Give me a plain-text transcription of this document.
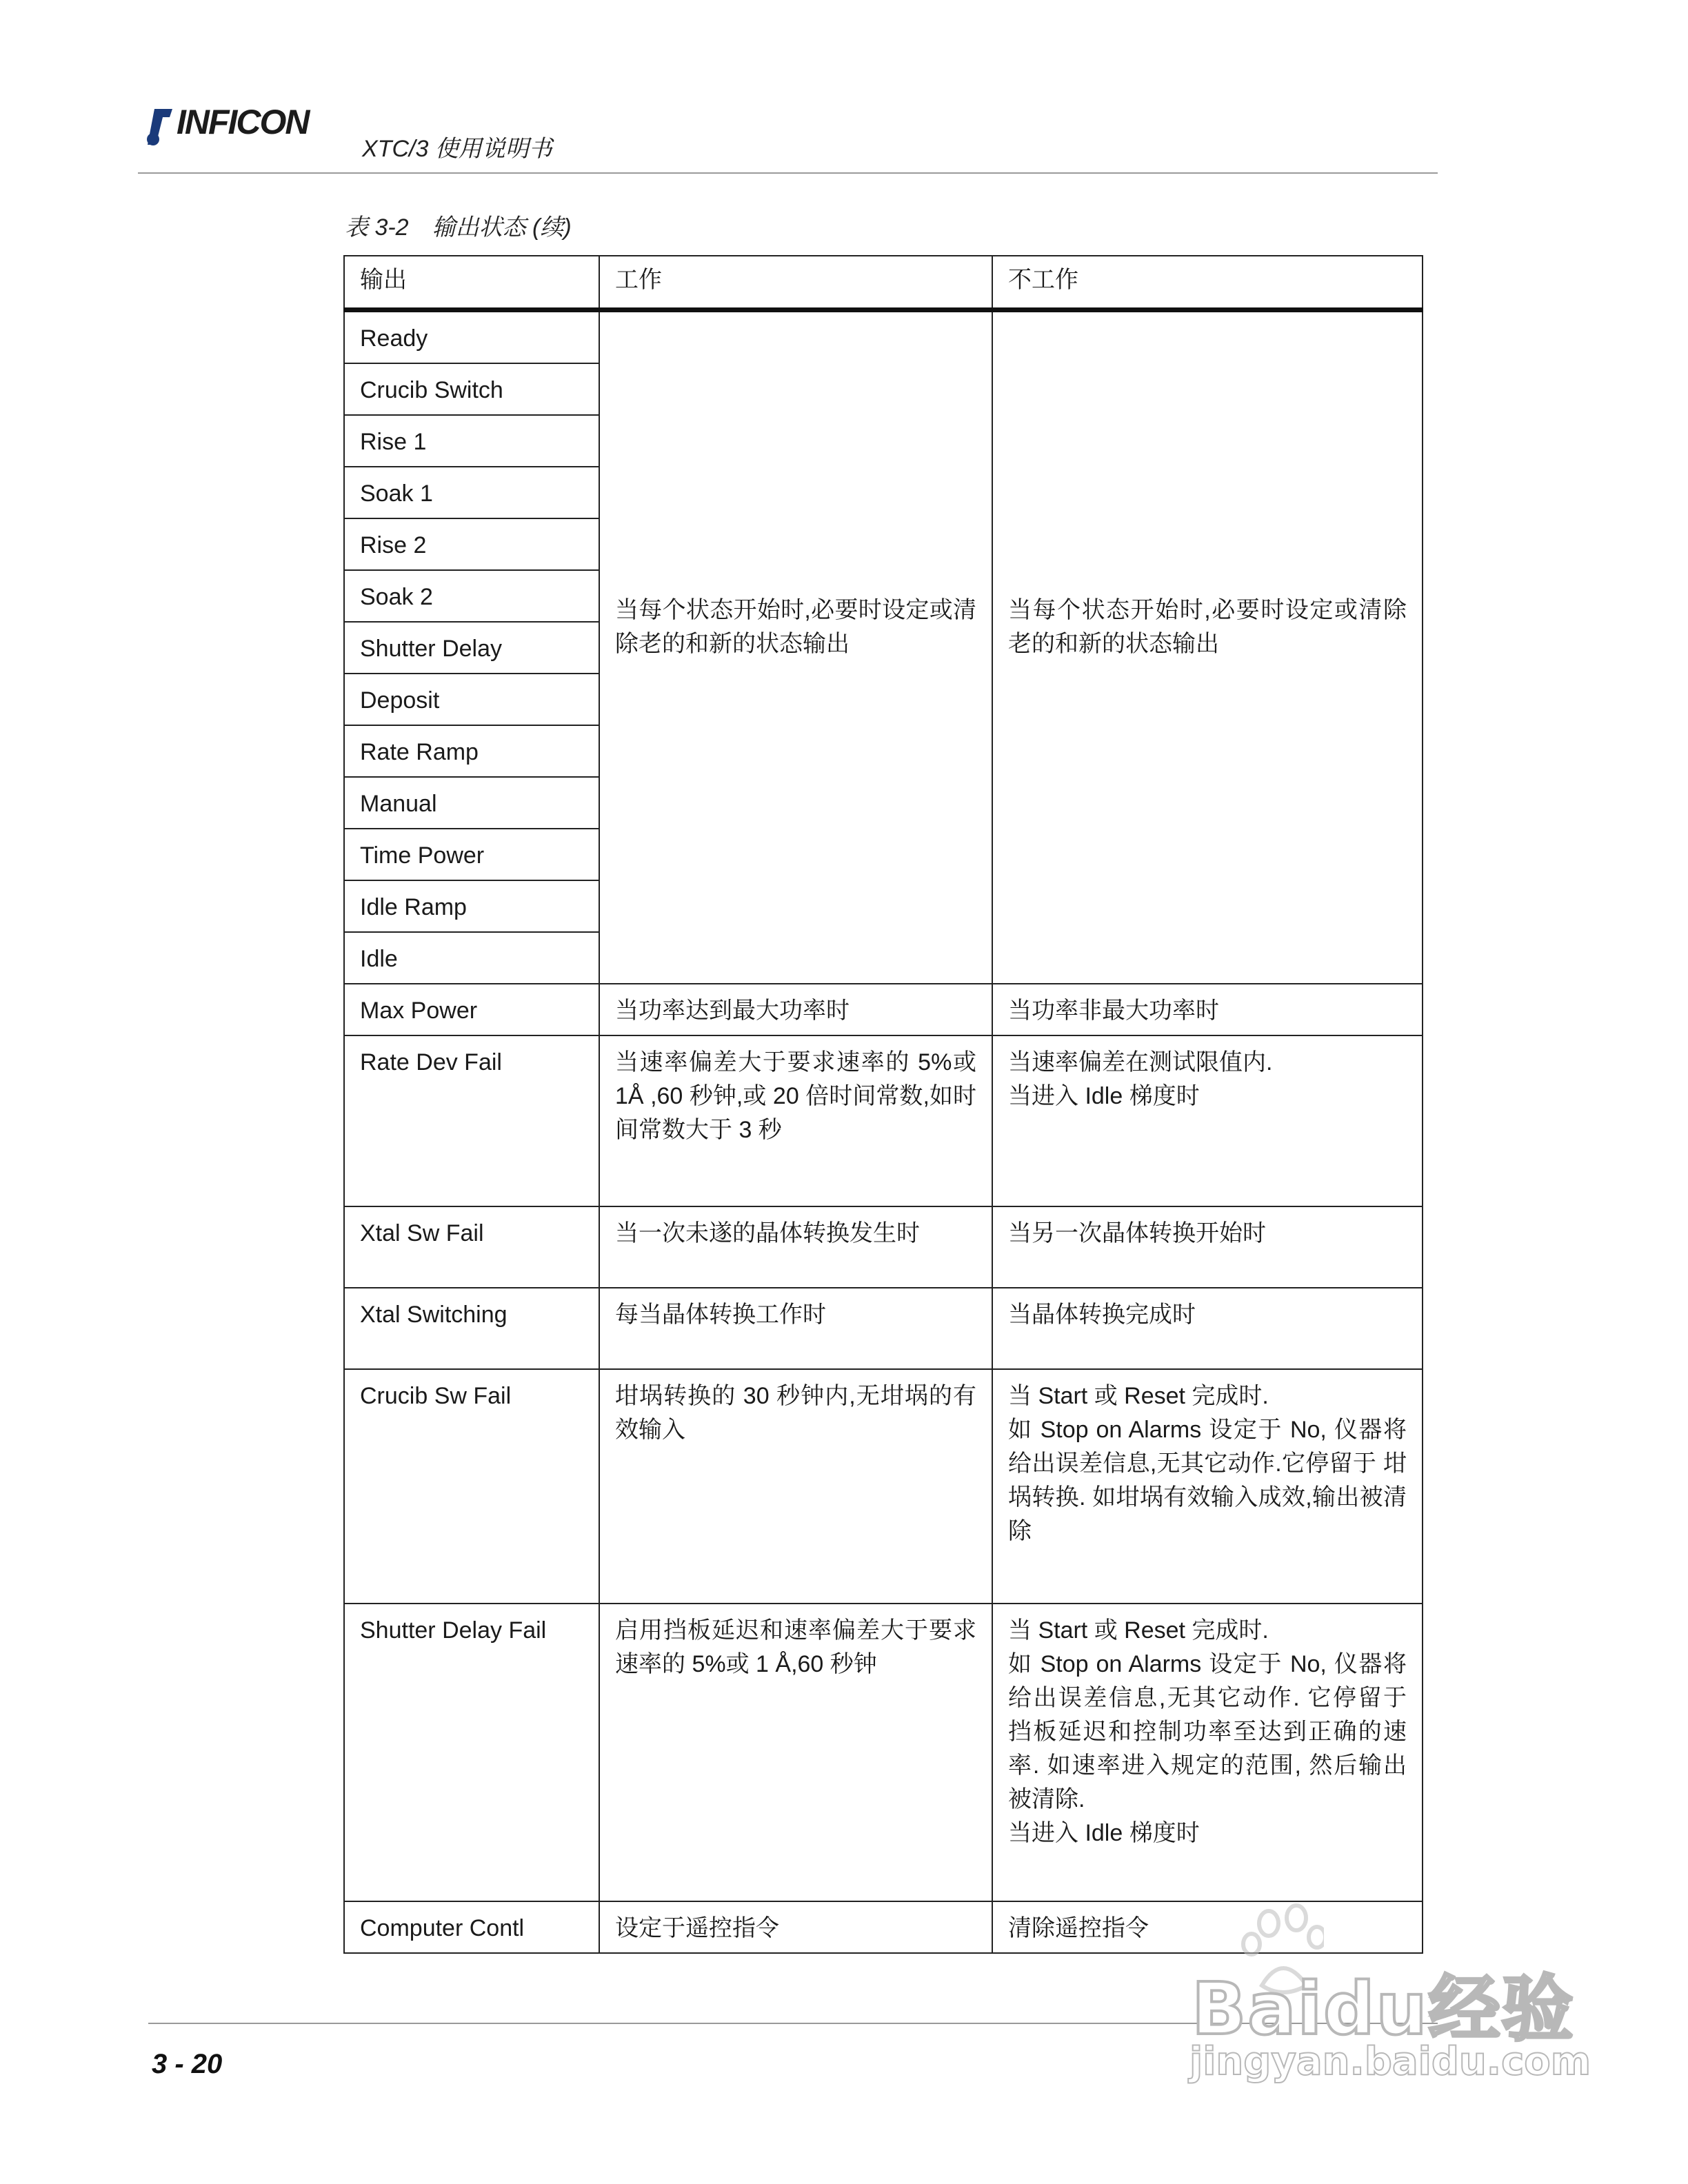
INFICON
XTC/3 使用说明书
表 3-2　输出状态 (续)
输出	工作	不工作
Ready	当每个状态开始时,必要时设定或清除老的和新的状态输出	当每个状态开始时,必要时设定或清除老的和新的状态输出

Crucib Switch		
Rise 1		
Soak 1		
Rise 2		
Soak 2		
Shutter Delay		
Deposit		
Rate Ramp		
Manual		
Time Power		
Idle Ramp		
Idle		
Max Power	当功率达到最大功率时	当功率非最大功率时
Rate Dev Fail	当速率偏差大于要求速率的 5%或 1Å ,60 秒钟,或 20 倍时间常数,如时间常数大于 3 秒	当速率偏差在测试限值内.
当进入 Idle 梯度时
Xtal Sw Fail	当一次未遂的晶体转换发生时	当另一次晶体转换开始时
Xtal Switching	每当晶体转换工作时	当晶体转换完成时
Crucib Sw Fail	坩埚转换的 30 秒钟内,无坩埚的有效输入	当 Start 或 Reset 完成时.
如 Stop on Alarms 设定于 No, 仪器将给出误差信息,无其它动作.它停留于 坩埚转换. 如坩埚有效输入成效,输出被清除
Shutter Delay Fail	启用挡板延迟和速率偏差大于要求速率的 5%或 1 Å,60 秒钟	当 Start 或 Reset 完成时.
如 Stop on Alarms 设定于 No, 仪器将给出误差信息,无其它动作. 它停留于　挡板延迟和控制功率至达到正确的速率. 如速率进入规定的范围, 然后输出被清除.
当进入 Idle 梯度时
Computer Contl	设定于遥控指令	清除遥控指令
3 - 20
Baidu经验
jingyan.baidu.com
